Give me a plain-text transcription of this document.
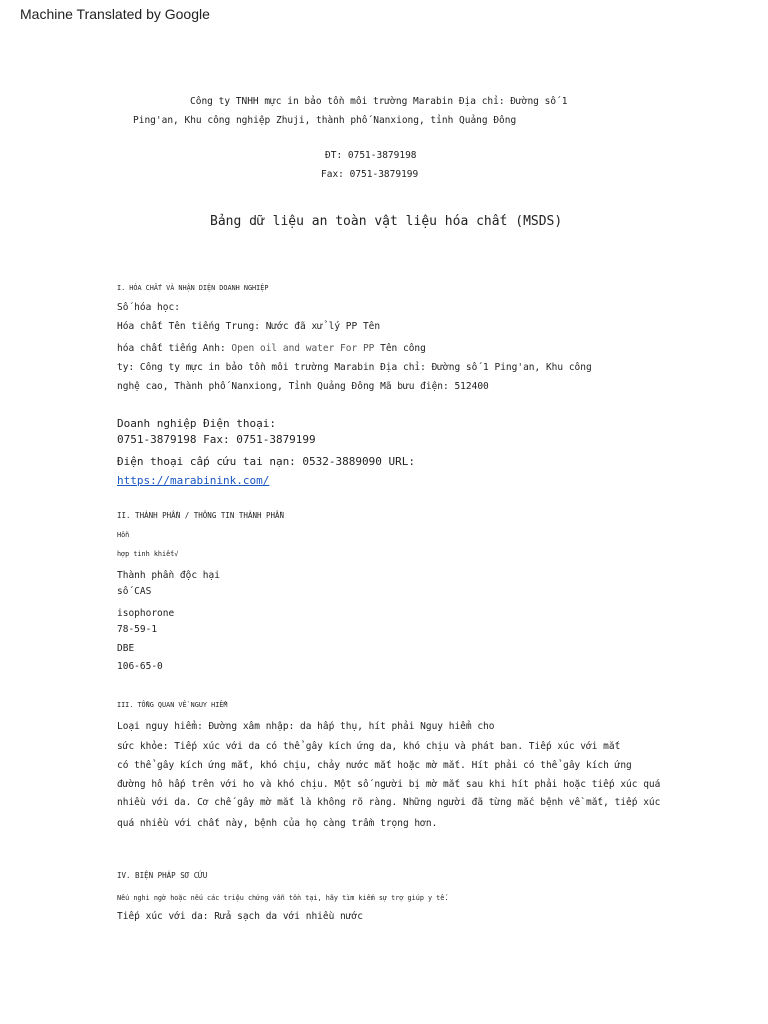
Machine Translated by Google
Công ty TNHH mực in bảo tồn môi trường Marabin Địa chỉ: Đường số 1
Ping'an, Khu công nghiệp Zhuji, thành phố Nanxiong, tỉnh Quảng Đông
ĐT: 0751-3879198
Fax: 0751-3879199
Bảng dữ liệu an toàn vật liệu hóa chất (MSDS)
I. HÓA CHẤT VÀ NHẬN DIỆN DOANH NGHIỆP
Số hóa học:
Hóa chất Tên tiếng Trung: Nước đã xử lý PP Tên
hóa chất tiếng Anh: Open oil and water For PP Tên công
ty: Công ty mực in bảo tồn môi trường Marabin Địa chỉ: Đường số 1 Ping'an, Khu công
nghệ cao, Thành phố Nanxiong, Tỉnh Quảng Đông Mã bưu điện: 512400
Doanh nghiệp Điện thoại:
0751-3879198 Fax: 0751-3879199
Điện thoại cấp cứu tai nạn: 0532-3889090 URL:
https://marabinink.com/
II. THÀNH PHẦN / THÔNG TIN THÀNH PHẦN
Hỗn
hợp tinh khiết√
Thành phần độc hại
số CAS
isophorone
78-59-1
DBE
106-65-0
III. TỔNG QUAN VỀ NGUY HIỂM
Loại nguy hiểm: Đường xâm nhập: da hấp thụ, hít phải Nguy hiểm cho
sức khỏe: Tiếp xúc với da có thể gây kích ứng da, khó chịu và phát ban. Tiếp xúc với mắt
có thể gây kích ứng mắt, khó chịu, chảy nước mắt hoặc mờ mắt. Hít phải có thể gây kích ứng
đường hô hấp trên với ho và khó chịu. Một số người bị mờ mắt sau khi hít phải hoặc tiếp xúc quá
nhiều với da. Cơ chế gây mờ mắt là không rõ ràng. Những người đã từng mắc bệnh về mắt, tiếp xúc
quá nhiều với chất này, bệnh của họ càng trầm trọng hơn.
IV. BIỆN PHÁP SƠ CỨU
Nếu nghi ngờ hoặc nếu các triệu chứng vẫn tồn tại, hãy tìm kiếm sự trợ giúp y tế.
Tiếp xúc với da: Rửa sạch da với nhiều nước
